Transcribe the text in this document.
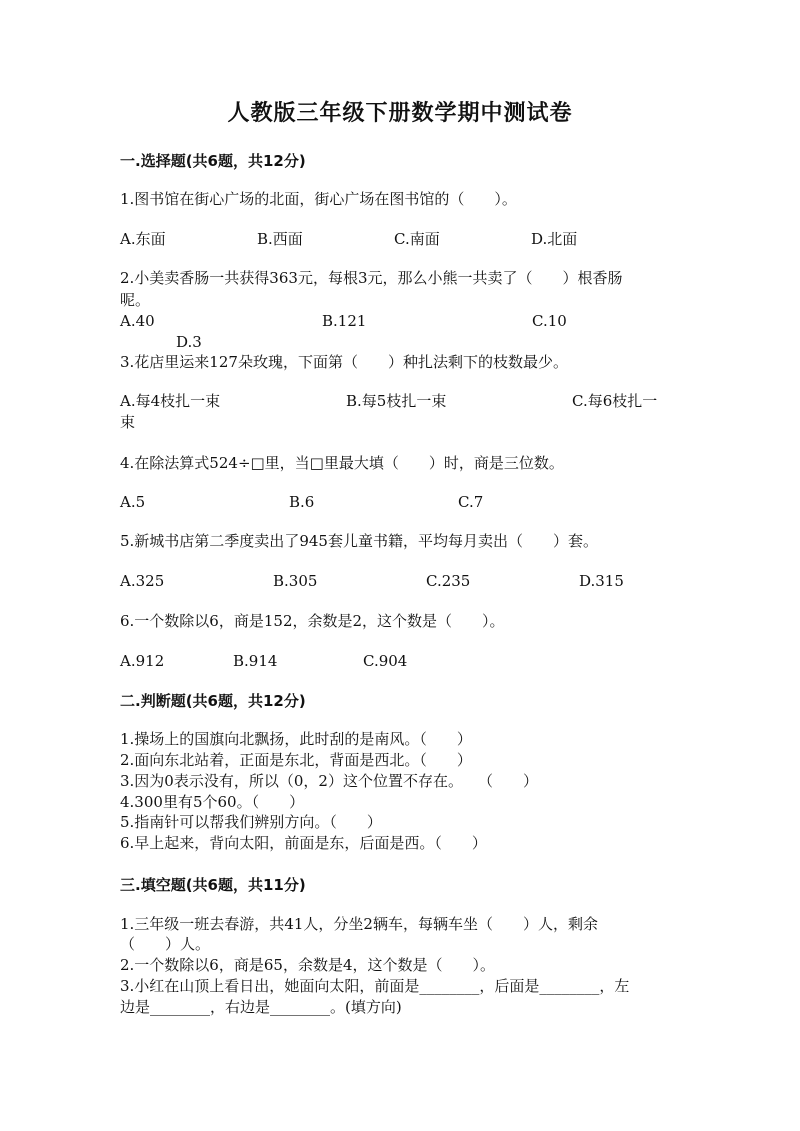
人教版三年级下册数学期中测试卷
一.选择题(共6题，共12分)
1.图书馆在街心广场的北面，街心广场在图书馆的（　　）。
A.东面	B.西面	C.南面	D.北面
2.小美卖香肠一共获得363元，每根3元，那么小熊一共卖了（　　）根香肠
呢。
A.40	B.121	C.10
D.3
3.花店里运来127朵玫瑰，下面第（　　）种扎法剩下的枝数最少。
A.每4枝扎一束	B.每5枝扎一束	C.每6枝扎一
束
4.在除法算式524÷□里，当□里最大填（　　）时，商是三位数。
A.5	B.6	C.7
5.新城书店第二季度卖出了945套儿童书籍，平均每月卖出（　　）套。
A.325	B.305	C.235	D.315
6.一个数除以6，商是152，余数是2，这个数是（　　）。
A.912	B.914	C.904
二.判断题(共6题，共12分)
1.操场上的国旗向北飘扬，此时刮的是南风。（　　）
2.面向东北站着，正面是东北，背面是西北。（　　）
3.因为0表示没有，所以（0，2）这个位置不存在。　　（　　）
4.300里有5个60。（　　）
5.指南针可以帮我们辨别方向。（　　）
6.早上起来，背向太阳，前面是东，后面是西。（　　）
三.填空题(共6题，共11分)
1.三年级一班去春游，共41人，分坐2辆车，每辆车坐（　　）人，剩余
（　　）人。
2.一个数除以6，商是65，余数是4，这个数是（　　）。
3.小红在山顶上看日出，她面向太阳，前面是________，后面是________，左
边是________，右边是________。(填方向)
